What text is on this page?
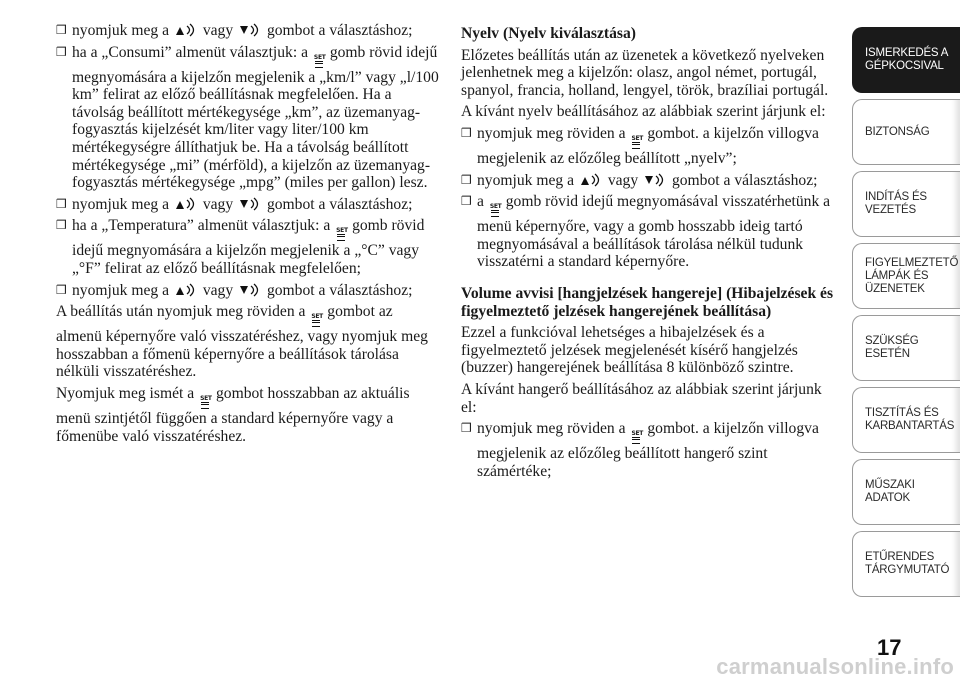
❒ nyomjuk meg a vagy gombot a választáshoz;
❒ ha a „Consumi” almenüt választjuk: a SET gomb rövid idejű megnyomására a kijelzőn megjelenik a „km/l” vagy „l/100 km” felirat az előző beállításnak megfelelően. Ha a távolság beállított mértékegysége „km”, az üzemanyag-fogyasztás kijelzését km/liter vagy liter/100 km mértékegységre állíthatjuk be. Ha a távolság beállított mértékegysége „mi” (mérföld), a kijelzőn az üzemanyag-fogyasztás mértékegysége „mpg” (miles per gallon) lesz.
❒ nyomjuk meg a vagy gombot a választáshoz;
❒ ha a „Temperatura” almenüt választjuk: a SET gomb rövid idejű megnyomására a kijelzőn megjelenik a „°C” vagy „°F” felirat az előző beállításnak megfelelően;
❒ nyomjuk meg a vagy gombot a választáshoz;

A beállítás után nyomjuk meg röviden a SET gombot az almenü képernyőre való visszatéréshez, vagy nyomjuk meg hosszabban a főmenü képernyőre a beállítások tárolása nélküli visszatéréshez.

Nyomjuk meg ismét a SET gombot hosszabban az aktuális menü szintjétől függően a standard képernyőre vagy a főmenübe való visszatéréshez.

Nyelv (Nyelv kiválasztása)

Előzetes beállítás után az üzenetek a következő nyelveken jelenhetnek meg a kijelzőn: olasz, angol német, portugál, spanyol, francia, holland, lengyel, török, brazíliai portugál.

A kívánt nyelv beállításához az alábbiak szerint járjunk el:

❒ nyomjuk meg röviden a SET gombot. a kijelzőn villogva megjelenik az előzőleg beállított „nyelv”;
❒ nyomjuk meg a vagy gombot a választáshoz;
❒ a SET gomb rövid idejű megnyomásával visszatérhetünk a menü képernyőre, vagy a gomb hosszabb ideig tartó megnyomásával a beállítások tárolása nélkül tudunk visszatérni a standard képernyőre.
Volume avvisi [hangjelzések hangereje] (Hibajelzések és figyelmeztető jelzések hangerejének beállítása)

Ezzel a funkcióval lehetséges a hibajelzések és a figyelmeztető jelzések megjelenését kísérő hangjelzés (buzzer) hangerejének beállítása 8 különböző szintre.

A kívánt hangerő beállításához az alábbiak szerint járjunk el:

❒ nyomjuk meg röviden a SET gombot. a kijelzőn villogva megjelenik az előzőleg beállított hangerő szint számértéke;
ISMERKEDÉS A GÉPKOCSIVAL
BIZTONSÁG
INDÍTÁS ÉS VEZETÉS
FIGYELMEZTETŐ LÁMPÁK ÉS ÜZENETEK
SZÜKSÉG ESETÉN
TISZTÍTÁS ÉS KARBANTARTÁS
MŰSZAKI ADATOK
ETŰRENDES TÁRGYMUTATÓ
17
carmanualsonline.info
